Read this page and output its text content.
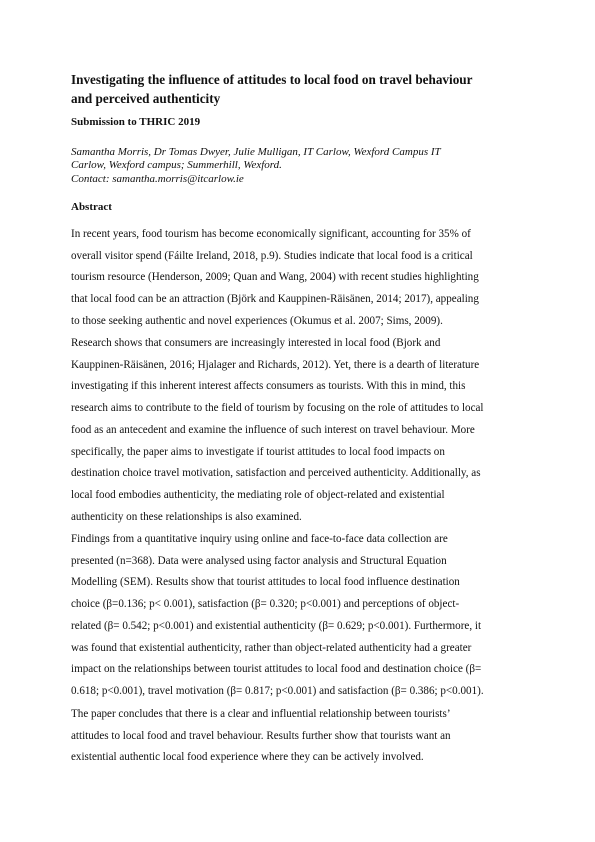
Investigating the influence of attitudes to local food on travel behaviour
and perceived authenticity

Submission to THRIC 2019

Samantha Morris, Dr Tomas Dwyer, Julie Mulligan, IT Carlow, Wexford Campus IT
Carlow, Wexford campus; Summerhill, Wexford.
Contact: samantha.morris@itcarlow.ie

Abstract

In recent years, food tourism has become economically significant, accounting for 35% of
overall visitor spend (Fáilte Ireland, 2018, p.9). Studies indicate that local food is a critical
tourism resource (Henderson, 2009; Quan and Wang, 2004) with recent studies highlighting
that local food can be an attraction (Björk and Kauppinen-Räisänen, 2014; 2017), appealing
to those seeking authentic and novel experiences (Okumus et al. 2007; Sims, 2009).

Research shows that consumers are increasingly interested in local food (Bjork and
Kauppinen-Räisänen, 2016; Hjalager and Richards, 2012). Yet, there is a dearth of literature
investigating if this inherent interest affects consumers as tourists. With this in mind, this
research aims to contribute to the field of tourism by focusing on the role of attitudes to local
food as an antecedent and examine the influence of such interest on travel behaviour. More
specifically, the paper aims to investigate if tourist attitudes to local food impacts on
destination choice travel motivation, satisfaction and perceived authenticity. Additionally, as
local food embodies authenticity, the mediating role of object-related and existential
authenticity on these relationships is also examined.

Findings from a quantitative inquiry using online and face-to-face data collection are
presented (n=368). Data were analysed using factor analysis and Structural Equation
Modelling (SEM). Results show that tourist attitudes to local food influence destination
choice (β=0.136; p< 0.001), satisfaction (β= 0.320; p<0.001) and perceptions of object-
related (β= 0.542; p<0.001) and existential authenticity (β= 0.629; p<0.001). Furthermore, it
was found that existential authenticity, rather than object-related authenticity had a greater
impact on the relationships between tourist attitudes to local food and destination choice (β=
0.618; p<0.001), travel motivation (β= 0.817; p<0.001) and satisfaction (β= 0.386; p<0.001).

The paper concludes that there is a clear and influential relationship between tourists’
attitudes to local food and travel behaviour. Results further show that tourists want an
existential authentic local food experience where they can be actively involved.
